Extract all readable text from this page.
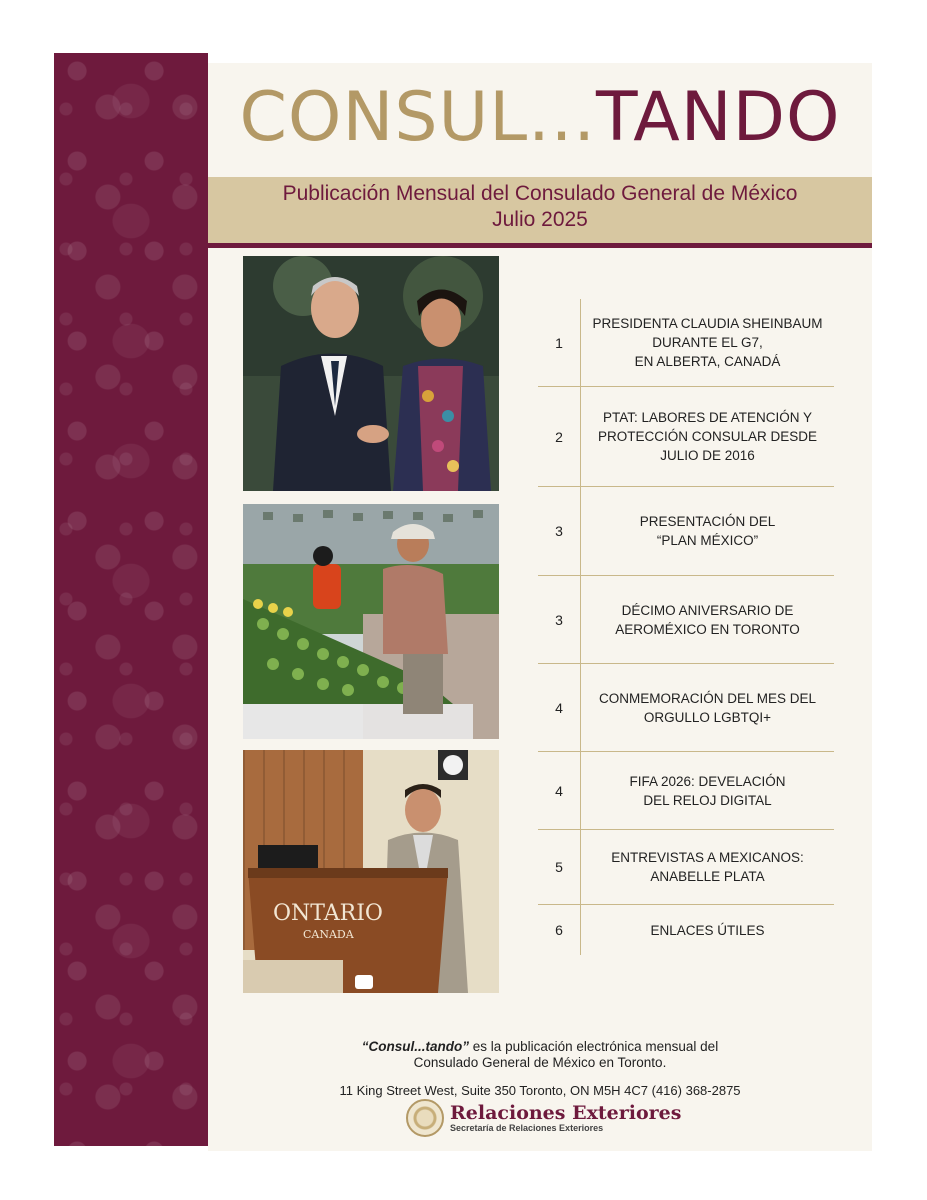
CONSUL...TANDO
Publicación Mensual del Consulado General de México
Julio 2025
ONTARIO
CANADA
1
PRESIDENTA CLAUDIA SHEINBAUM
DURANTE EL G7,
EN ALBERTA, CANADÁ
2
PTAT: LABORES DE ATENCIÓN Y
PROTECCIÓN CONSULAR DESDE
JULIO DE 2016
3
PRESENTACIÓN DEL
“PLAN MÉXICO”
3
DÉCIMO ANIVERSARIO DE
AEROMÉXICO EN TORONTO
4
CONMEMORACIÓN DEL MES DEL
ORGULLO LGBTQI+
4
FIFA 2026: DEVELACIÓN
DEL RELOJ DIGITAL
5
ENTREVISTAS A MEXICANOS:
ANABELLE PLATA
6	ENLACES ÚTILES
“Consul...tando” es la publicación electrónica mensual del
Consulado General de México en Toronto.
11 King Street West, Suite 350 Toronto, ON M5H 4C7 (416) 368-2875
Relaciones Exteriores
Secretaría de Relaciones Exteriores
